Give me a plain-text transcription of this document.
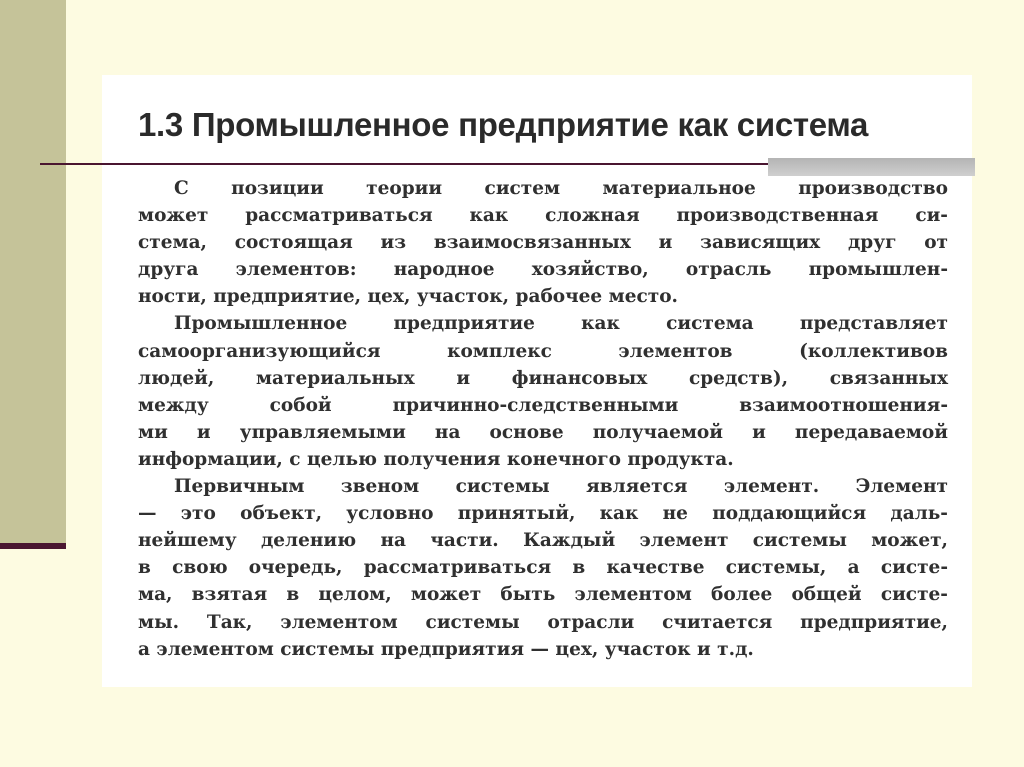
1.3 Промышленное предприятие как система
С позиции теории систем материальное производство
может рассматриваться как сложная производственная си-
стема, состоящая из взаимосвязанных и зависящих друг от
друга элементов: народное хозяйство, отрасль промышлен-
ности, предприятие, цех, участок, рабочее место.
Промышленное предприятие как система представляет
самоорганизующийся комплекс элементов (коллективов
людей, материальных и финансовых средств), связанных
между собой причинно-следственными взаимоотношения-
ми и управляемыми на основе получаемой и передаваемой
информации, с целью получения конечного продукта.
Первичным звеном системы является элемент. Элемент
— это объект, условно принятый, как не поддающийся даль-
нейшему делению на части. Каждый элемент системы может,
в свою очередь, рассматриваться в качестве системы, а систе-
ма, взятая в целом, может быть элементом более общей систе-
мы. Так, элементом системы отрасли считается предприятие,
а элементом системы предприятия — цех, участок и т.д.
